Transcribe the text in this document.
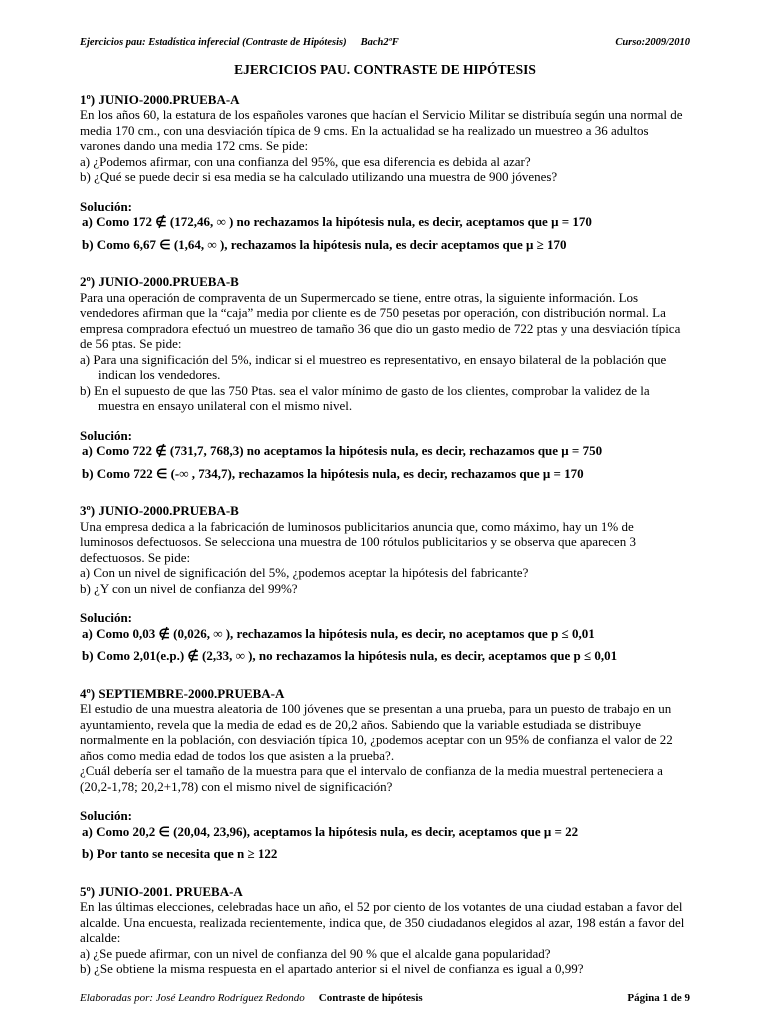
Ejercicios pau: Estadística inferecial (Contraste de Hipótesis) Bach2ºF	Curso:2009/2010
EJERCICIOS PAU. CONTRASTE DE HIPÓTESIS
1º) JUNIO-2000.PRUEBA-A

En los años 60, la estatura de los españoles varones que hacían el Servicio Militar se distribuía según una normal de media 170 cm., con una desviación típica de 9 cms. En la actualidad se ha realizado un muestreo a 36 adultos varones dando una media 172 cms. Se pide:

a) ¿Podemos afirmar, con una confianza del 95%, que esa diferencia es debida al azar?

b) ¿Qué se puede decir si esa media se ha calculado utilizando una muestra de 900 jóvenes?

Solución:
a) Como 172 ∉ (172,46, ∞ ) no rechazamos la hipótesis nula, es decir, aceptamos que μ = 170
b) Como 6,67 ∈ (1,64, ∞ ), rechazamos la hipótesis nula, es decir aceptamos que μ ≥ 170
2º) JUNIO-2000.PRUEBA-B

Para una operación de compraventa de un Supermercado se tiene, entre otras, la siguiente información. Los vendedores afirman que la “caja” media por cliente es de 750 pesetas por operación, con distribución normal. La empresa compradora efectuó un muestreo de tamaño 36 que dio un gasto medio de 722 ptas y una desviación típica de 56 ptas. Se pide:

a) Para una significación del 5%, indicar si el muestreo es representativo, en ensayo bilateral de la población que indican los vendedores.

b) En el supuesto de que las 750 Ptas. sea el valor mínimo de gasto de los clientes, comprobar la validez de la muestra en ensayo unilateral con el mismo nivel.

Solución:
a) Como 722 ∉ (731,7, 768,3) no aceptamos la hipótesis nula, es decir, rechazamos que μ = 750
b) Como 722 ∈ (-∞ , 734,7), rechazamos la hipótesis nula, es decir, rechazamos que μ = 170
3º) JUNIO-2000.PRUEBA-B

Una empresa dedica a la fabricación de luminosos publicitarios anuncia que, como máximo, hay un 1% de luminosos defectuosos. Se selecciona una muestra de 100 rótulos publicitarios y se observa que aparecen 3 defectuosos. Se pide:

a) Con un nivel de significación del 5%, ¿podemos aceptar la hipótesis del fabricante?

b) ¿Y con un nivel de confianza del 99%?

Solución:
a) Como 0,03 ∉ (0,026, ∞ ), rechazamos la hipótesis nula, es decir, no aceptamos que p ≤ 0,01
b) Como 2,01(e.p.) ∉ (2,33, ∞ ), no rechazamos la hipótesis nula, es decir, aceptamos que p ≤ 0,01
4º) SEPTIEMBRE-2000.PRUEBA-A

El estudio de una muestra aleatoria de 100 jóvenes que se presentan a una prueba, para un puesto de trabajo en un ayuntamiento, revela que la media de edad es de 20,2 años. Sabiendo que la variable estudiada se distribuye normalmente en la población, con desviación típica 10, ¿podemos aceptar con un 95% de confianza el valor de 22 años como media edad de todos los que asisten a la prueba?.

¿Cuál debería ser el tamaño de la muestra para que el intervalo de confianza de la media muestral perteneciera a (20,2-1,78; 20,2+1,78) con el mismo nivel de significación?

Solución:
a) Como 20,2 ∈ (20,04, 23,96), aceptamos la hipótesis nula, es decir, aceptamos que μ = 22
b) Por tanto se necesita que n ≥ 122
5º) JUNIO-2001. PRUEBA-A

En las últimas elecciones, celebradas hace un año, el 52 por ciento de los votantes de una ciudad estaban a favor del alcalde. Una encuesta, realizada recientemente, indica que, de 350 ciudadanos elegidos al azar, 198 están a favor del alcalde:

a) ¿Se puede afirmar, con un nivel de confianza del 90 % que el alcalde gana popularidad?

b) ¿Se obtiene la misma respuesta en el apartado anterior si el nivel de confianza es igual a 0,99?

Elaboradas por: José Leandro Rodríguez Redondo Contraste de hipótesis	Página 1 de 9
